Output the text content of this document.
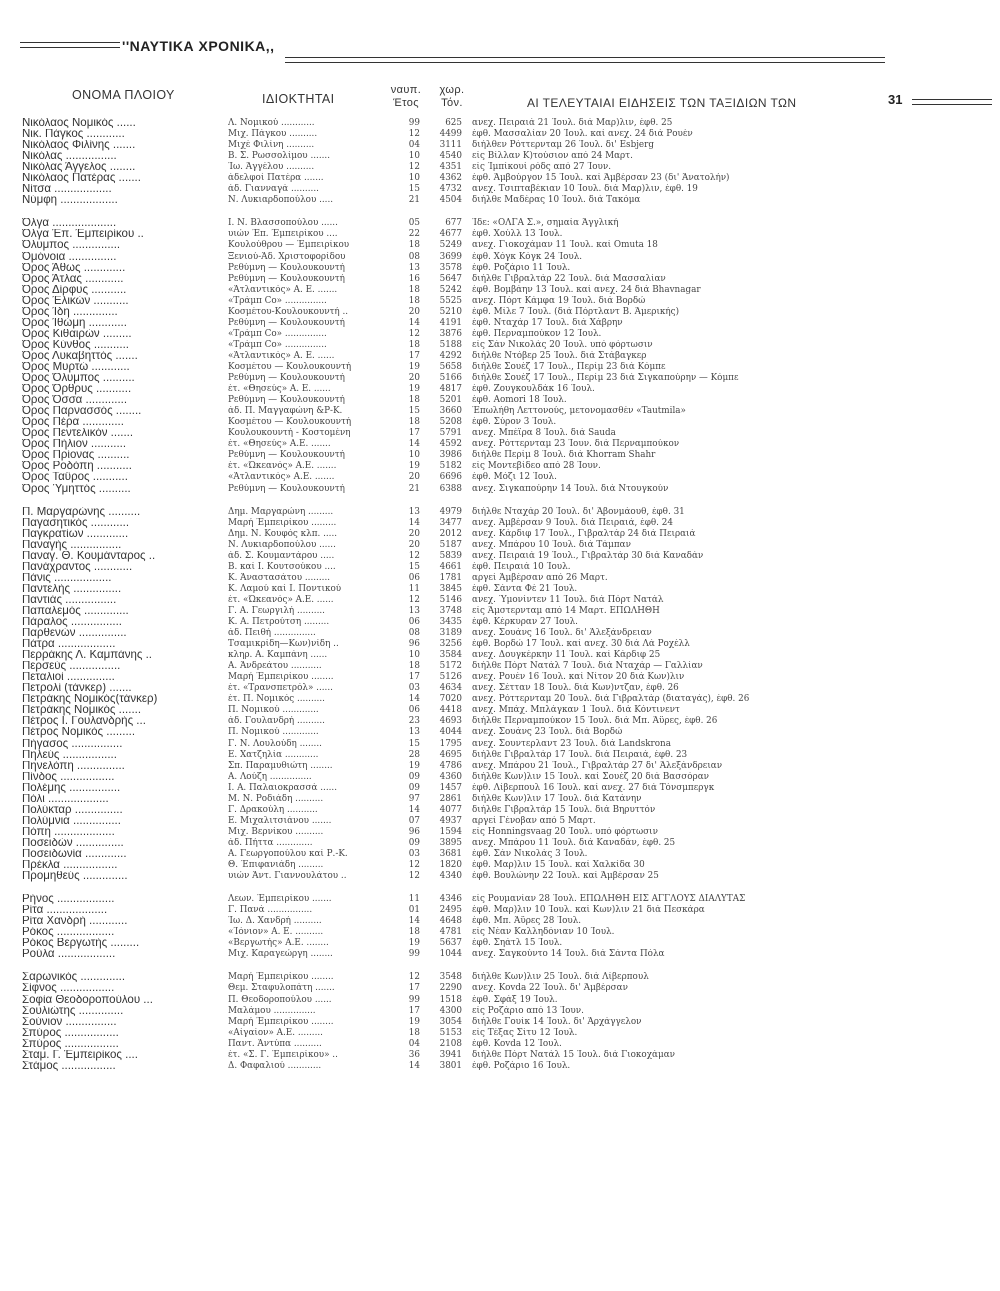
''ΝΑΥΤΙΚΑ ΧΡΟΝΙΚΑ,,
31
ΟΝΟΜΑ ΠΛΟΙΟΥ	ΙΔΙΟΚΤΗΤΑΙ
ναυπ.
Έτος
χωρ.
Τόν.	ΑΙ ΤΕΛΕΥΤΑΙΑΙ ΕΙΔΗΣΕΙΣ ΤΩΝ ΤΑΞΙΔΙΩΝ ΤΩΝ
Νικόλαος Νομικός ......	Λ. Νομικού ............	99	625 ανεχ. Πειραιά 21 Ίουλ. διά Μαρ)λιν, έφθ. 25
Νικ. Πάγκος ............	Μιχ. Πάγκου ..........	12	4499 έφθ. Μασσαλίαν 20 Ίουλ. καί ανεχ. 24 διά Ρουέν
Νικόλαος Φιλίνης .......	Μιχέ Φιλίνη ..........	04	3111 διήλθεν Ρόττερνταμ 26 Ίουλ. δι' Esbjerg
Νικόλας ................	Β. Σ. Ρωσσολίμου .......	10	4540 είς Βίλλαν Κ)τούσιον από 24 Μαρτ.
Νικόλας Άγγελος ........	Ίω. Άγγέλου ..........	12	4351 είς Ίμπίκουί ρόδς από 27 Ίουν.
Νικόλαος Πατέρας .......	άδελφοί Πατέρα .......	10	4362 έφθ. Άμβούργον 15 Ίουλ. καί Άμβέρσαν 23 (δι' Άνατολήν)
Νίτσα ..................	άδ. Γιανναγά ..........	15	4732 ανεχ. Τσιπταβέκιαν 10 Ίουλ. διά Μαρ)λιν, έφθ. 19
Νύμφη ..................	Ν. Λυκιαρδοπούλου .....	21	4504 διήλθε Μαδέρας 10 Ίουλ. διά Τακόμα
Όλγα ....................	Ι. Ν. Βλασσοπούλου ......	05	677 Ίδε: «ΟΛΓΑ Σ.», σημαία Άγγλική
Όλγα Έπ. Έμπειρίκου ..	υιών Έπ. Έμπειρίκου ....	22	4677 έφθ. Χούλλ 13 Ίουλ.
Όλυμπος ...............	Κουλούθρου — Έμπειρίκου	18	5249 ανεχ. Γιοκοχάμαν 11 Ίουλ. καί Omuta 18
Όμόνοια ...............	Ξενιού-Άδ. Χριστοφορίδου	08	3699 έφθ. Χόγκ Κόγκ 24 Ίουλ.
Όρος Άθως .............	Ρεθύμνη — Κουλουκουντή	13	3578 έφθ. Ροζάριο 11 Ίουλ.
Όρος Άτλας ............	Ρεθύμνη — Κουλουκουντή	16	5647 διήλθε Γιβραλτάρ 22 Ίουλ. διά Μασσαλίαν
Όρος Δίρφυς ...........	«Άτλαντικός» Α. Ε. .......	18	5242 έφθ. Βομβάην 13 Ίουλ. καί ανεχ. 24 διά Bhavnagar
Όρος Έλικών ...........	«Τράμπ Co» ...............	18	5525 ανεχ. Πόρτ Κάμφα 19 Ίουλ. διά Βορδώ
Όρος Ίδη ..............	Κοσμέτου-Κουλουκουντή ..	20	5210 έφθ. Μίλε 7 Ίουλ. (διά Πόρτλαντ Β. Άμερικής)
Όρος Ίθώμη ............	Ρεθύμνη — Κουλουκουντή	14	4191 έφθ. Νταχάρ 17 Ίουλ. διά Χάβρην
Όρος Κιθαιρών .........	«Τράμπ Co» ...............	12	3876 έφθ. Περναμπούκον 12 Ίουλ.
Όρος Κύνθος ...........	«Τράμπ Co» ...............	18	5188 είς Σάν Νικολάς 20 Ίουλ. υπό φόρτωσιν
Όρος Λυκαβηττός .......	«Άτλαντικός» Α. Ε. ......	17	4292 διήλθε Ντόβερ 25 Ίουλ. διά Στάβαγκερ
Όρος Μυρτώ ............	Κοσμέτου — Κουλουκουντή	19	5658 διήλθε Σουέζ 17 Ίουλ., Περίμ 23 διά Κόμπε
Όρος Όλυμπος ..........	Ρεθύμνη — Κουλουκουντή	20	5166 διήλθε Σουέζ 17 Ίουλ., Περίμ 23 διά Σιγκαπούρην — Κόμπε
Όρος Όρθρυς ...........	έτ. «Θησεύς» Α. Ε. ......	19	4817 έφθ. Ζουγκουλδάκ 16 Ίουλ.
Όρος Όσσα .............	Ρεθύμνη — Κουλουκουντή	18	5201 έφθ. Aomori 18 Ίουλ.
Όρος Παρνασσός ........	άδ. Π. Μαγγαφώνη &Ρ-Κ.	15	3660 Έπωλήθη Λεττονούς, μετονομασθέν «Tautmila»
Όρος Πέρα .............	Κοσμέτου — Κουλουκουντή	18	5208 έφθ. Σύρον 3 Ίουλ.
Όρος Πεντελικόν .......	Κουλουκουντή - Κοστομένη	17	5791 ανεχ. Μπέϊρα 8 Ίουλ. διά Sauda
Όρος Πήλιον ...........	έτ. «Θησεύς» Α.Ε. .......	14	4592 ανεχ. Ρόττερνταμ 23 Ίουν. διά Περναμπούκον
Όρος Πρίονας ..........	Ρεθύμνη — Κουλουκουντή	10	3986 διήλθε Περίμ 8 Ίουλ. διά Khorram Shahr
Όρος Ροδόπη ...........	έτ. «Ώκεανός» Α.Ε. .......	19	5182 είς Μοντεβίδεο από 28 Ίουν.
Όρος Ταΰρος ...........	«Άτλαντικός» Α.Ε. .......	20	6696 έφθ. Μόζι 12 Ίουλ.
Όρος Ύμηττός ..........	Ρεθύμνη — Κουλουκουντή	21	6388 ανεχ. Σιγκαπούρην 14 Ίουλ. διά Ντουγκούν
Π. Μαργαρώνης ..........	Δημ. Μαργαρώνη .........	13	4979 διήλθε Νταχάρ 20 Ίουλ. δι' Άβονμάουθ, έφθ. 31
Παγασητικός ............	Μαρή Έμπειρίκου .........	14	3477 ανεχ. Άμβέρσαν 9 Ίουλ. διά Πειραιά, έφθ. 24
Παγκρατίων .............	Δημ. Ν. Κουφός κλπ. .....	20	2012 ανεχ. Κάρδιφ 17 Ίουλ., Γιβραλτάρ 24 διά Πειραιά
Παναγής ................	Ν. Λυκιαρδοπούλου ......	20	5187 ανεχ. Μπάρου 10 Ίουλ. διά Τάμπαν
Παναγ. Θ. Κουμάνταρος ..	άδ. Σ. Κουμαντάρου .....	12	5839 ανεχ. Πειραιά 19 Ίουλ., Γιβραλτάρ 30 διά Καναδάν
Πανάχραντος ............	Β. καί Ι. Κουτσούκου ....	15	4661 έφθ. Πειραιά 10 Ίουλ.
Πάνις ..................	Κ. Άναστασάτου .........	06	1781 αργεί Άμβέρσαν από 26 Μαρτ.
Παντελής ...............	Κ. Λαμού καί Ι. Ποντικού	11	3845 έφθ. Σάντα Φέ 21 Ίουλ.
Παντιάς ................	έτ. «Ώκεανός» Α.Ε. ......	12	5146 ανεχ. Ύμονίντεν 11 Ίουλ. διά Πόρτ Νατάλ
Παπαλεμός ..............	Γ. Α. Γεωργιλή ..........	13	3748 είς Άμστερνταμ από 14 Μαρτ. ΕΠΩΛΗΘΗ
Πάραλος ................	Κ. Α. Πετρούτση .........	06	3435 έφθ. Κέρκυραν 27 Ίουλ.
Παρθενών ...............	άδ. Πειθή ...............	08	3189 ανεχ. Σουάνς 16 Ίουλ. δι' Άλεξάνδρειαν
Πάτρα ..................	Τσαμικρίδη—Κων)νίδη ..	96	3256 έφθ. Βορδώ 17 Ίουλ. καί ανεχ. 30 διά Λά Ροχέλλ
Περράκης Λ. Καμπάνης ..	κληρ. Α. Καμπάνη ......	10	3584 ανεχ. Δουγκέρκην 11 Ίουλ. καί Κάρδιφ 25
Περσεύς ................	Α. Άνδρεάτου ...........	18	5172 διήλθε Πόρτ Νατάλ 7 Ίουλ. διά Νταχάρ — Γαλλίαν
Πεταλιοί ...............	Μαρή Έμπειρίκου ........	17	5126 ανεχ. Ρουέν 16 Ίουλ. καί Νίτον 20 διά Κων)λιν
Πετρολί (τάνκερ) .......	έτ. «Τρανσπετρόλ» ......	03	4634 ανεχ. Σέτταν 18 Ίουλ. διά Κων)ντζαν, έφθ. 26
Πετράκης Νομικός(τάνκερ)	έτ. Π. Νομικός ..........	14	7020 ανεχ. Ρόττερνταμ 20 Ίουλ. διά Γιβραλτάρ (διαταγάς), έφθ. 26
Πετράκης Νομικός .......	Π. Νομικού .............	06	4418 ανεχ. Μπάχ. Μπλάγκαν 1 Ίουλ. διά Κόντινεντ
Πέτρος Ι. Γουλανδρής ...	άδ. Γουλανδρή ..........	23	4693 διήλθε Περναμπούκον 15 Ίουλ. διά Μπ. Άϋρες, έφθ. 26
Πέτρος Νομικός .........	Π. Νομικού .............	13	4044 ανεχ. Σουάνς 23 Ίουλ. διά Βορδώ
Πήγασος ................	Γ. Ν. Λουλούδη ........	15	1795 ανεχ. Σουντερλαντ 23 Ίουλ. διά Landskrona
Πηλεύς .................	Ε. Χατζηλία ............	28	4695 διήλθε Γιβραλτάρ 17 Ίουλ. διά Πειραιά, έφθ. 23
Πηνελόπη ...............	Σπ. Παραμυθιώτη ........	19	4786 ανεχ. Μπάρου 21 Ίουλ., Γιβραλτάρ 27 δι' Άλεξάνδρειαν
Πίνδος .................	Α. Λούζη ...............	09	4360 διήλθε Κων)λιν 15 Ίουλ. καί Σουέζ 20 διά Βασσόραν
Πολέμης ................	Ι. Α. Παλαιοκρασσά ......	09	1457 έφθ. Λίβερπουλ 16 Ίουλ. καί ανεχ. 27 διά Τόνσμπεργκ
Πόλι ...................	Μ. Ν. Ροδιάδη ..........	97	2861 διήλθε Κων)λιν 17 Ίουλ. διά Κατάνην
Πολύκταρ ...............	Γ. Δρακούλη ...........	14	4077 διήλθε Γιβραλτάρ 15 Ίουλ. διά Βηρυττόν
Πολύμνια ...............	Ε. Μιχαλιτσιάνου .......	07	4937 αργεί Γένοβαν από 5 Μαρτ.
Πόπη ...................	Μιχ. Βερνίκου ..........	96	1594 είς Honningsvaag 20 Ίουλ. υπό φόρτωσιν
Ποσειδών ...............	άδ. Πήττα .............	09	3895 ανεχ. Μπάρου 11 Ίουλ. διά Καναδάν, έφθ. 25
Ποσειδωνία .............	Α. Γεωργοπούλου καί Ρ.-Κ.	03	3681 έφθ. Σάν Νικολάς 3 Ίουλ.
Πρέκλα .................	Θ. Έπιφανιάδη .........	12	1820 έφθ. Μαρ)λιν 15 Ίουλ. καί Χαλκίδα 30
Προμηθεύς ..............	υιών Άντ. Γιαννουλάτου ..	12	4340 έφθ. Βουλώνην 22 Ίουλ. καί Άμβέρσαν 25
Ρήνος ..................	Λεων. Έμπειρίκου .......	11	4346 είς Ρουμανίαν 28 Ίουλ. ΕΠΩΛΗΘΗ ΕΙΣ ΑΓΓΛΟΥΣ ΔΙΑΛΥΤΑΣ
Ρίτα ...................	Γ. Πανά ................	01	2495 έφθ. Μαρ)λιν 10 Ίουλ. καί Κων)λιν 21 διά Πεσκάρα
Ρίτα Χανδρή ............	Ίω. Δ. Χανδρή ..........	14	4648 έφθ. Μπ. Άϋρες 28 Ίουλ.
Ρόκος ..................	«Ίόνιον» Α. Ε. ..........	18	4781 είς Νέαν Καλληδόνιαν 10 Ίουλ.
Ρόκος Βεργωτής .........	«Βεργωτής» Α.Ε. ........	19	5637 έφθ. Σηάτλ 15 Ίουλ.
Ρούλα ..................	Μιχ. Καραγεώργη ........	99	1044 ανεχ. Σαγκούντο 14 Ίουλ. διά Σάντα Πόλα
Σαρωνικός ..............	Μαρή Έμπειρίκου ........	12	3548 διήλθε Κων)λιν 25 Ίουλ. διά Λίβερπουλ
Σίφνος .................	Θεμ. Σταφυλοπάτη .......	17	2290 ανεχ. Kovda 22 Ίουλ. δι' Άμβέρσαν
Σοφία Θεοδοροπούλου ...	Π. Θεοδοροπούλου ......	99	1518 έφθ. Σφάξ 19 Ίουλ.
Σουλιώτης ..............	Μαλάμου ...............	17	4300 είς Ροζάριο από 13 Ίουν.
Σούνιον ................	Μαρή Έμπειρίκου ........	19	3054 διήλθε Γουίκ 14 Ίουλ. δι' Άρχάγγελον
Σπύρος .................	«Αίγαίον» Α.Ε. .........	18	5153 είς Τέξας Σίτυ 12 Ίουλ.
Σπύρος .................	Παντ. Άντύπα ..........	04	2108 έφθ. Kovda 12 Ίουλ.
Σταμ. Γ. Έμπειρίκος ....	έτ. «Σ. Γ. Έμπειρίκου» ..	36	3941 διήλθε Πόρτ Νατάλ 15 Ίουλ. διά Γιοκοχάμαν
Στάμος .................	Δ. Φαφαλιού ............	14	3801 έφθ. Ροζάριο 16 Ίουλ.
